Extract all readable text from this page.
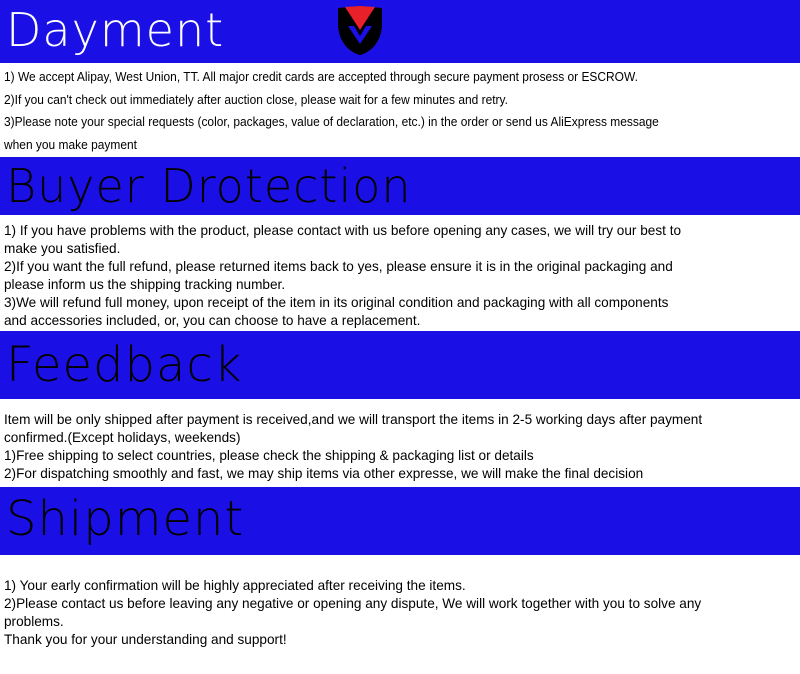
Dayment

1) We accept Alipay, West Union, TT. All major credit cards are accepted through secure payment prosess or ESCROW.

2)If you can't check out immediately after auction close, please wait for a few minutes and retry.

3)Please note your special requests (color, packages, value of declaration, etc.) in the order or send us AliExpress message

when you make payment

Buyer Drotection

1) If you have problems with the product, please contact with us before opening any cases, we will try our best to

make you satisfied.

2)If you want the full refund, please returned items back to yes, please ensure it is in the original packaging and

please inform us the shipping tracking number.

3)We will refund full money, upon receipt of the item in its original condition and packaging with all components

and accessories included, or, you can choose to have a replacement.

Feedback

Item will be only shipped after payment is received,and we will transport the items in 2-5 working days after payment

confirmed.(Except holidays, weekends)

1)Free shipping to select countries, please check the shipping & packaging list or details

2)For dispatching smoothly and fast, we may ship items via other expresse, we will make the final decision

Shipment

1) Your early confirmation will be highly appreciated after receiving the items.

2)Please contact us before leaving any negative or opening any dispute, We will work together with you to solve any

problems.

Thank you for your understanding and support!
